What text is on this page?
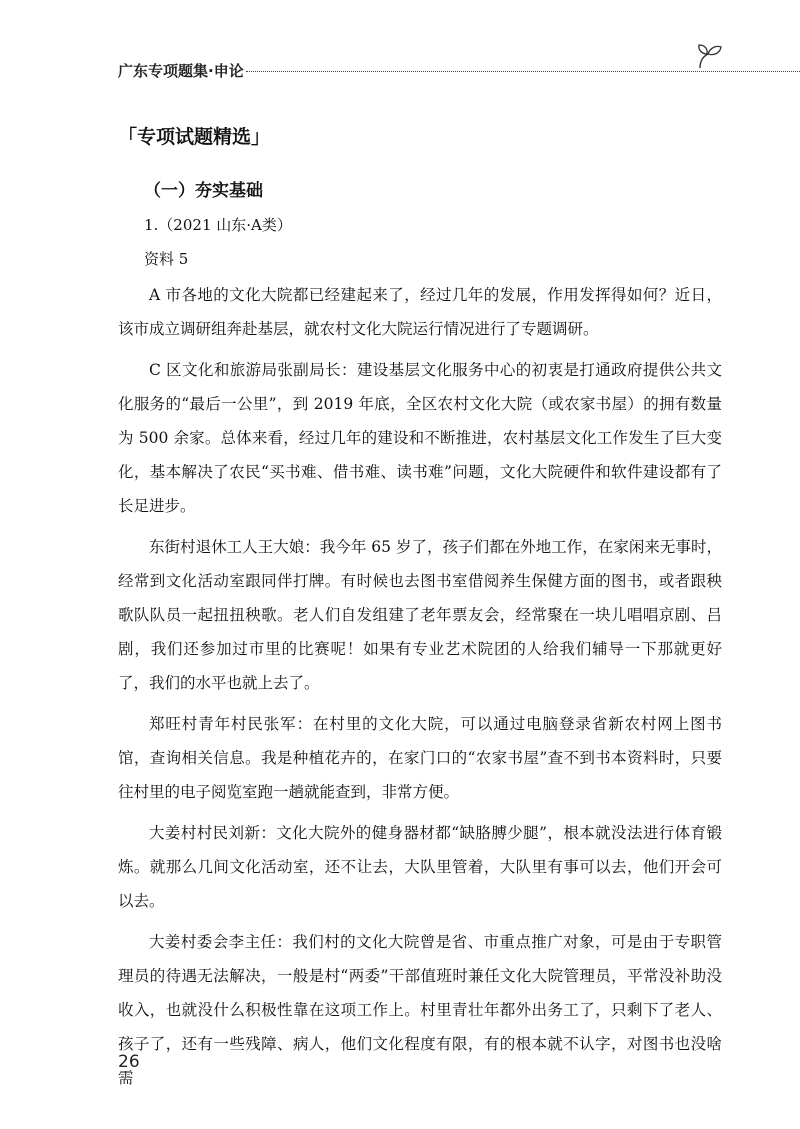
广东专项题集·申论
「专项试题精选」
（一）夯实基础
1.（2021 山东·A类）
资料 5

A 市各地的文化大院都已经建起来了，经过几年的发展，作用发挥得如何？近日，该市成立调研组奔赴基层，就农村文化大院运行情况进行了专题调研。

C 区文化和旅游局张副局长：建设基层文化服务中心的初衷是打通政府提供公共文化服务的“最后一公里”，到 2019 年底，全区农村文化大院（或农家书屋）的拥有数量为 500 余家。总体来看，经过几年的建设和不断推进，农村基层文化工作发生了巨大变化，基本解决了农民“买书难、借书难、读书难”问题，文化大院硬件和软件建设都有了长足进步。

东街村退休工人王大娘：我今年 65 岁了，孩子们都在外地工作，在家闲来无事时，经常到文化活动室跟同伴打牌。有时候也去图书室借阅养生保健方面的图书，或者跟秧歌队队员一起扭扭秧歌。老人们自发组建了老年票友会，经常聚在一块儿唱唱京剧、吕剧，我们还参加过市里的比赛呢！如果有专业艺术院团的人给我们辅导一下那就更好了，我们的水平也就上去了。

郑旺村青年村民张军：在村里的文化大院，可以通过电脑登录省新农村网上图书馆，查询相关信息。我是种植花卉的，在家门口的“农家书屋”查不到书本资料时，只要往村里的电子阅览室跑一趟就能查到，非常方便。

大姜村村民刘新：文化大院外的健身器材都“缺胳膊少腿”，根本就没法进行体育锻炼。就那么几间文化活动室，还不让去，大队里管着，大队里有事可以去，他们开会可以去。

大姜村委会李主任：我们村的文化大院曾是省、市重点推广对象，可是由于专职管理员的待遇无法解决，一般是村“两委”干部值班时兼任文化大院管理员，平常没补助没收入，也就没什么积极性靠在这项工作上。村里青壮年都外出务工了，只剩下了老人、孩子了，还有一些残障、病人，他们文化程度有限，有的根本就不认字，对图书也没啥需

26
